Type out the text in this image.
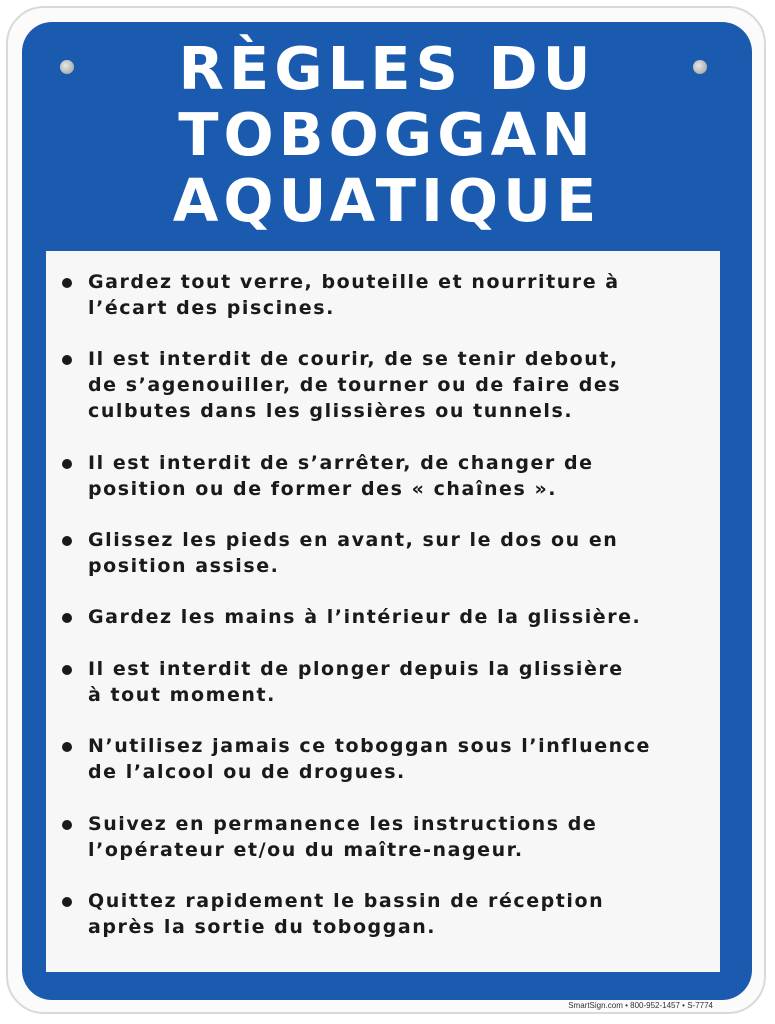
RÈGLES DU
TOBOGGAN
AQUATIQUE
Gardez tout verre, bouteille et nourriture à
l’écart des piscines.
Il est interdit de courir, de se tenir debout,
de s’agenouiller, de tourner ou de faire des
culbutes dans les glissières ou tunnels.
Il est interdit de s’arrêter, de changer de
position ou de former des « chaînes ».
Glissez les pieds en avant, sur le dos ou en
position assise.
Gardez les mains à l’intérieur de la glissière.
Il est interdit de plonger depuis la glissière
à tout moment.
N’utilisez jamais ce toboggan sous l’influence
de l’alcool ou de drogues.
Suivez en permanence les instructions de
l’opérateur et/ou du maître-nageur.
Quittez rapidement le bassin de réception
après la sortie du toboggan.
SmartSign.com • 800-952-1457 • S-7774
